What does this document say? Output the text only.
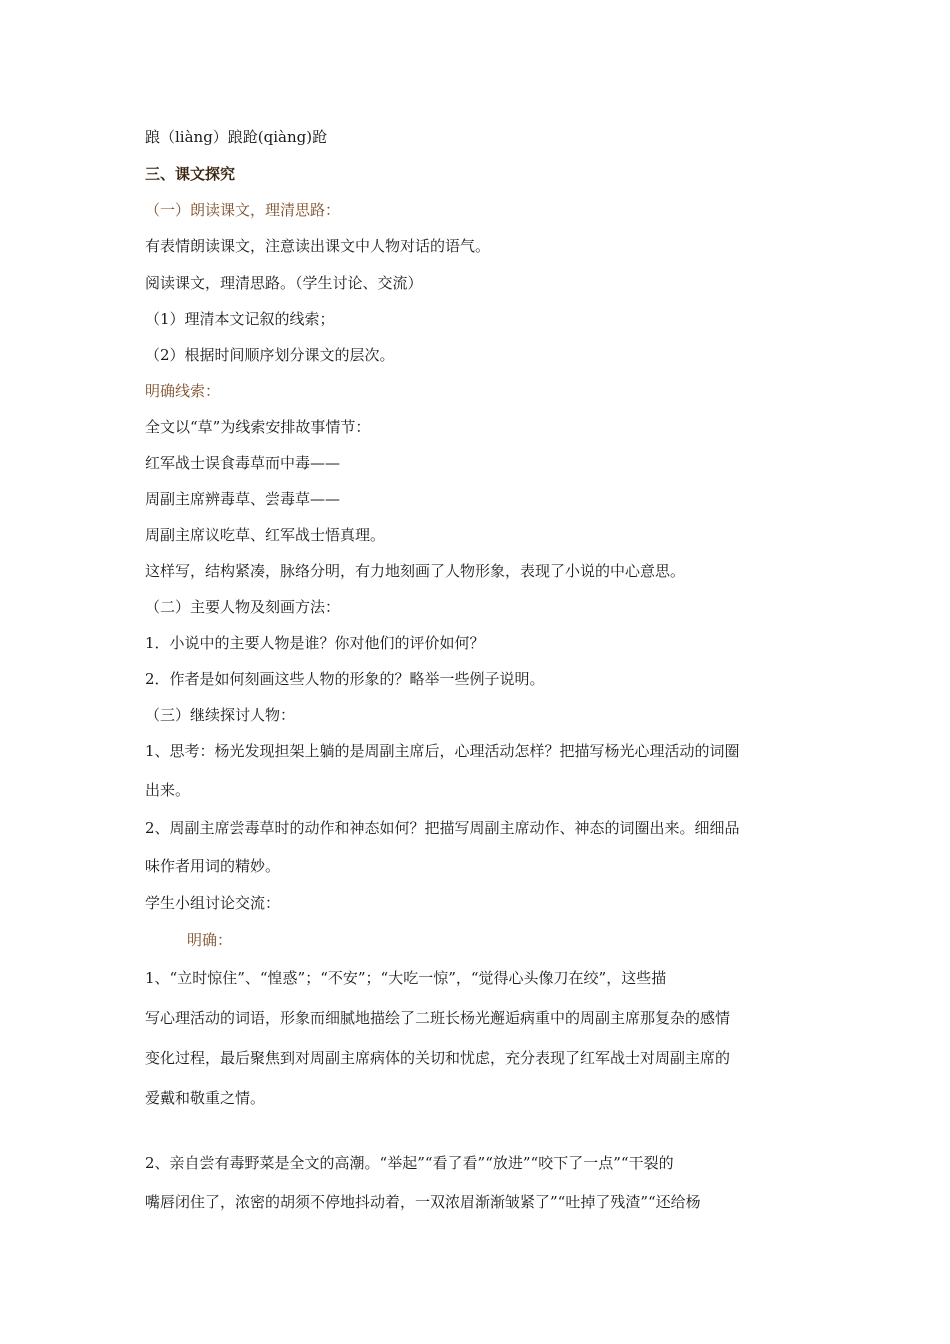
踉（liàng）踉跄(qiàng)跄
三、课文探究
（一）朗读课文，理清思路：
有表情朗读课文，注意读出课文中人物对话的语气。
阅读课文，理清思路。（学生讨论、交流）
（1）理清本文记叙的线索；
（2）根据时间顺序划分课文的层次。
明确线索：
全文以“草”为线索安排故事情节：
红军战士误食毒草而中毒——
周副主席辨毒草、尝毒草——
周副主席议吃草、红军战士悟真理。
这样写，结构紧凑，脉络分明，有力地刻画了人物形象，表现了小说的中心意思。
（二）主要人物及刻画方法：
1．小说中的主要人物是谁？你对他们的评价如何？
2．作者是如何刻画这些人物的形象的？略举一些例子说明。
（三）继续探讨人物：
1、思考：杨光发现担架上躺的是周副主席后，心理活动怎样？把描写杨光心理活动的词圈
出来。
2、周副主席尝毒草时的动作和神态如何？把描写周副主席动作、神态的词圈出来。细细品
味作者用词的精妙。
学生小组讨论交流：
明确：
1、“立时惊住”、“惶惑”；“不安”；“大吃一惊”，“觉得心头像刀在绞”，这些描
写心理活动的词语，形象而细腻地描绘了二班长杨光邂逅病重中的周副主席那复杂的感情
变化过程，最后聚焦到对周副主席病体的关切和忧虑，充分表现了红军战士对周副主席的
爱戴和敬重之情。
2、亲自尝有毒野菜是全文的高潮。“举起”“看了看”“放进”“咬下了一点”“干裂的
嘴唇闭住了，浓密的胡须不停地抖动着，一双浓眉渐渐皱紧了”“吐掉了残渣”“还给杨
